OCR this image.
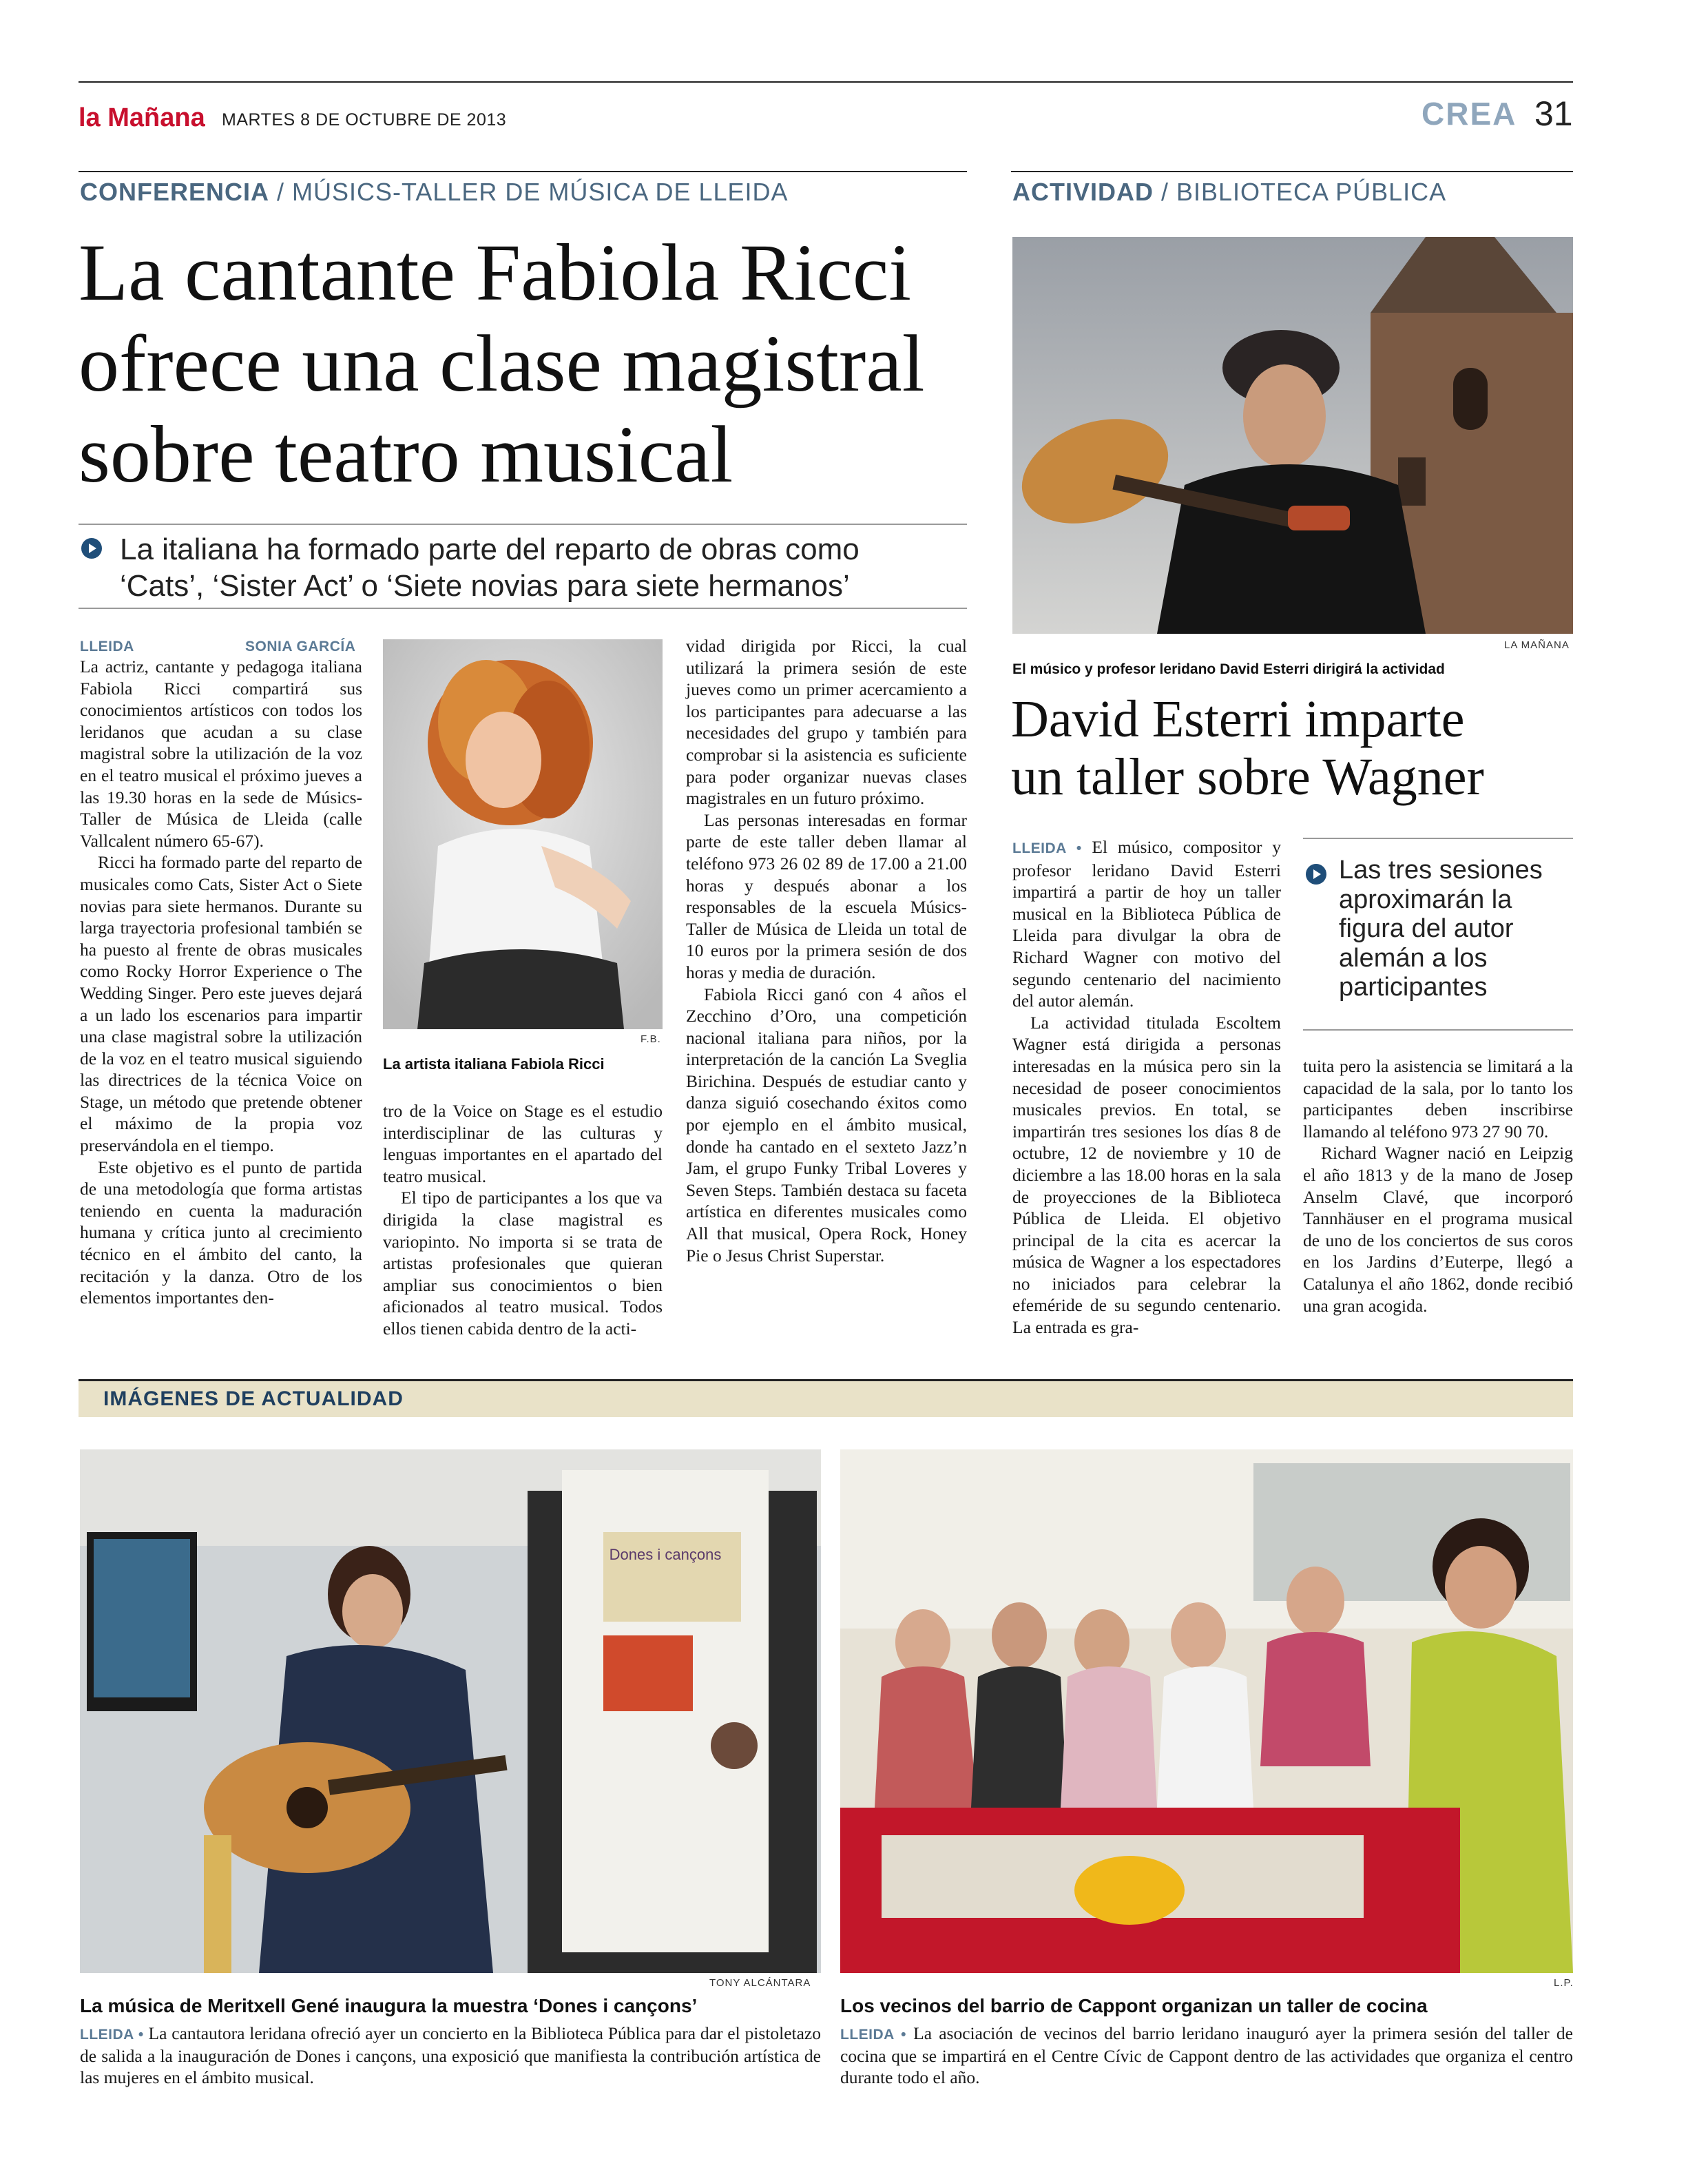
la Mañana MARTES 8 DE OCTUBRE DE 2013	CREA 31
CONFERENCIA / MÚSICS-TALLER DE MÚSICA DE LLEIDA
La cantante Fabiola Ricci
ofrece una clase magistral
sobre teatro musical
La italiana ha formado parte del reparto de obras como
‘Cats’, ‘Sister Act’ o ‘Siete novias para siete hermanos’
LLEIDA	SONIA GARCÍA

La actriz, cantante y pedagoga italiana Fabiola Ricci compartirá sus conocimientos artísticos con todos los leridanos que acudan a su clase magistral sobre la utilización de la voz en el teatro musical el próximo jueves a las 19.30 horas en la sede de Músics-Taller de Música de Lleida (calle Vallcalent número 65-67).

Ricci ha formado parte del reparto de musicales como Cats, Sister Act o Siete novias para siete hermanos. Durante su larga trayectoria profesional también se ha puesto al frente de obras musicales como Rocky Horror Experience o The Wedding Singer. Pero este jueves dejará a un lado los escenarios para impartir una clase magistral sobre la utilización de la voz en el teatro musical siguiendo las directrices de la técnica Voice on Stage, un método que pretende obtener el máximo de la propia voz preservándola en el tiempo.

Este objetivo es el punto de partida de una metodología que forma artistas teniendo en cuenta la maduración humana y crítica junto al crecimiento técnico en el ámbito del canto, la recitación y la danza. Otro de los elementos importantes den-

F.B.
La artista italiana Fabiola Ricci

tro de la Voice on Stage es el estudio interdisciplinar de las culturas y lenguas importantes en el apartado del teatro musical.

El tipo de participantes a los que va dirigida la clase magistral es variopinto. No importa si se trata de artistas profesionales que quieran ampliar sus conocimientos o bien aficionados al teatro musical. Todos ellos tienen cabida dentro de la acti-

vidad dirigida por Ricci, la cual utilizará la primera sesión de este jueves como un primer acercamiento a los participantes para adecuarse a las necesidades del grupo y también para comprobar si la asistencia es suficiente para poder organizar nuevas clases magistrales en un futuro próximo.

Las personas interesadas en formar parte de este taller deben llamar al teléfono 973 26 02 89 de 17.00 a 21.00 horas y después abonar a los responsables de la escuela Músics-Taller de Música de Lleida un total de 10 euros por la primera sesión de dos horas y media de duración.

Fabiola Ricci ganó con 4 años el Zecchino d’Oro, una competición nacional italiana para niños, por la interpretación de la canción La Sveglia Birichina. Después de estudiar canto y danza siguió cosechando éxitos como por ejemplo en el ámbito musical, donde ha cantado en el sexteto Jazz’n Jam, el grupo Funky Tribal Loveres y Seven Steps. También destaca su faceta artística en diferentes musicales como All that musical, Opera Rock, Honey Pie o Jesus Christ Superstar.

ACTIVIDAD / BIBLIOTECA PÚBLICA
LA MAÑANA
El músico y profesor leridano David Esterri dirigirá la actividad
David Esterri imparte
un taller sobre Wagner

LLEIDA • El músico, compositor y profesor leridano David Esterri impartirá a partir de hoy un taller musical en la Biblioteca Pública de Lleida para divulgar la obra de Richard Wagner con motivo del segundo centenario del nacimiento del autor alemán.

La actividad titulada Escoltem Wagner está dirigida a personas interesadas en la música pero sin la necesidad de poseer conocimientos musicales previos. En total, se impartirán tres sesiones los días 8 de octubre, 12 de noviembre y 10 de diciembre a las 18.00 horas en la sala de proyecciones de la Biblioteca Pública de Lleida. El objetivo principal de la cita es acercar la música de Wagner a los espectadores no iniciados para celebrar la efeméride de su segundo centenario. La entrada es gra-

Las tres sesiones
aproximarán la
figura del autor
alemán a los
participantes

tuita pero la asistencia se limitará a la capacidad de la sala, por lo tanto los participantes deben inscribirse llamando al teléfono 973 27 90 70.

Richard Wagner nació en Leipzig el año 1813 y de la mano de Josep Anselm Clavé, que incorporó Tannhäuser en el programa musical de uno de los conciertos de sus coros en los Jardins d’Euterpe, llegó a Catalunya el año 1862, donde recibió una gran acogida.

IMÁGENES DE ACTUALIDAD
Dones i cançons
TONY ALCÁNTARA	L.P.
La música de Meritxell Gené inaugura la muestra ‘Dones i cançons’
LLEIDA • La cantautora leridana ofreció ayer un concierto en la Biblioteca Pública para dar el pistoletazo de salida a la inauguración de Dones i cançons, una exposició que manifiesta la contribución artística de las mujeres en el ámbito musical.
Los vecinos del barrio de Cappont organizan un taller de cocina
LLEIDA • La asociación de vecinos del barrio leridano inauguró ayer la primera sesión del taller de cocina que se impartirá en el Centre Cívic de Cappont dentro de las actividades que organiza el centro durante todo el año.
